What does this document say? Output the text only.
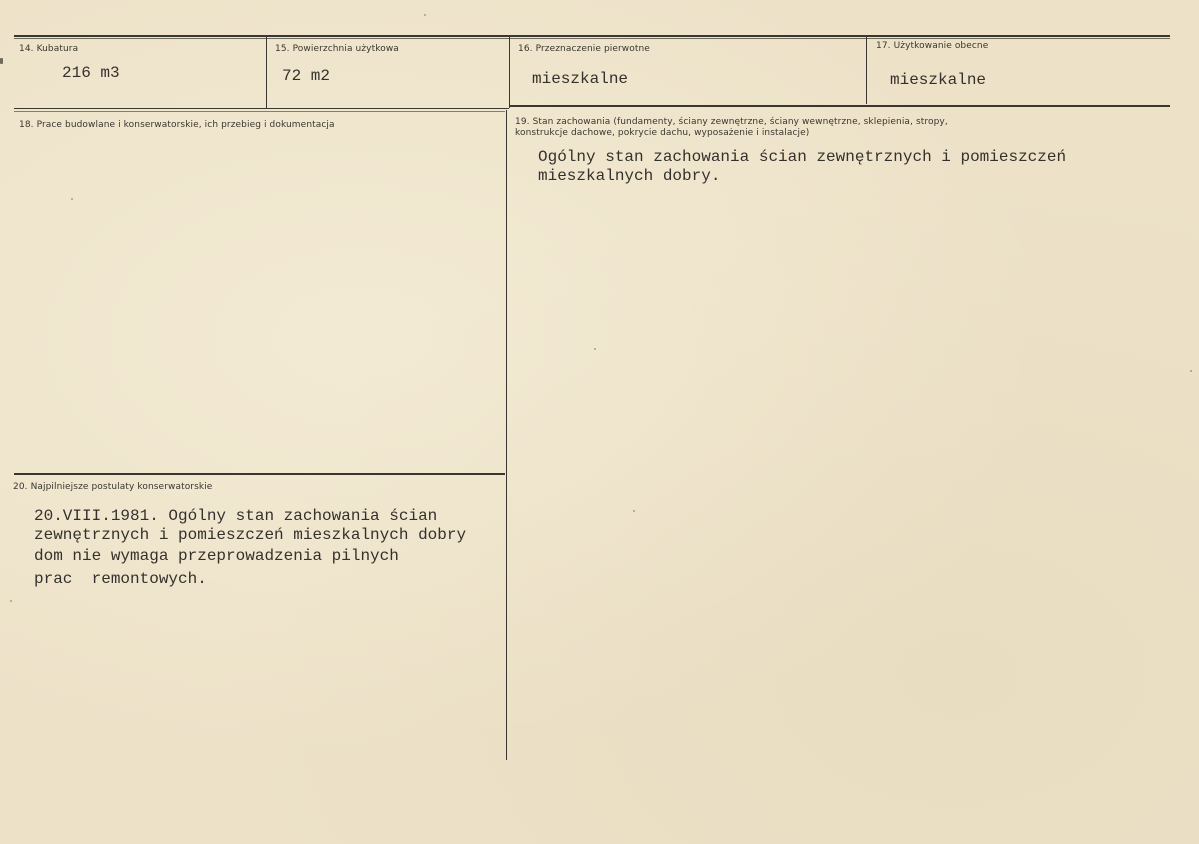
14. Kubatura
216 m3
15. Powierzchnia użytkowa
72 m2
16. Przeznaczenie pierwotne
mieszkalne
17. Użytkowanie obecne
mieszkalne
18. Prace budowlane i konserwatorskie, ich przebieg i dokumentacja	19. Stan zachowania (fundamenty, ściany zewnętrzne, ściany wewnętrzne, sklepienia, stropy,
konstrukcje dachowe, pokrycie dachu, wyposażenie i instalacje)
Ogólny stan zachowania ścian zewnętrznych i pomieszczeń
mieszkalnych dobry.
20. Najpilniejsze postulaty konserwatorskie
20.VIII.1981. Ogólny stan zachowania ścian
zewnętrznych i pomieszczeń mieszkalnych dobry
dom nie wymaga przeprowadzenia pilnych
prac  remontowych.
